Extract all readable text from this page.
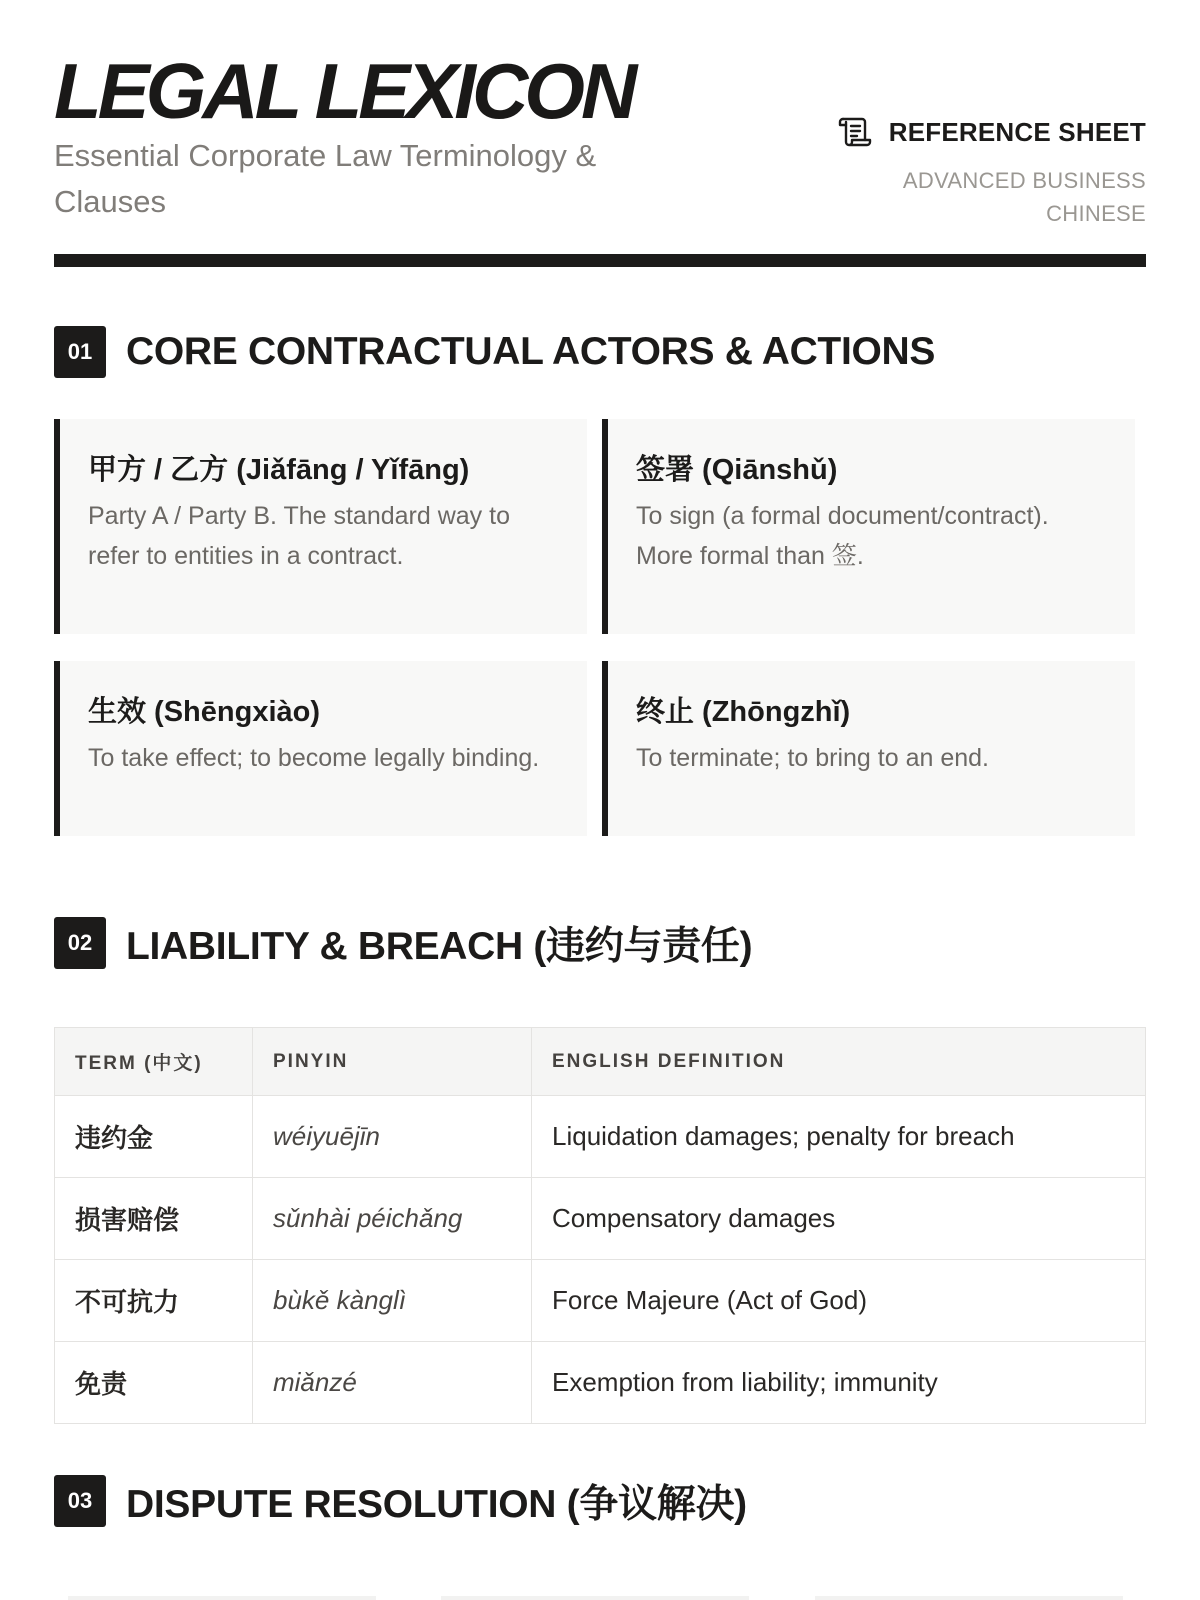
LEGAL LEXICON
Essential Corporate Law Terminology & Clauses
REFERENCE SHEET
ADVANCED BUSINESS CHINESE
01 CORE CONTRACTUAL ACTORS & ACTIONS
甲方 / 乙方 (Jiǎfāng / Yǐfāng)
Party A / Party B. The standard way to refer to entities in a contract.
签署 (Qiānshǔ)
To sign (a formal document/contract). More formal than 签.
生效 (Shēngxiào)
To take effect; to become legally binding.
终止 (Zhōngzhǐ)
To terminate; to bring to an end.
02 LIABILITY & BREACH (违约与责任)
TERM (中文)	PINYIN	ENGLISH DEFINITION
违约金	wéiyuējīn	Liquidation damages; penalty for breach
损害赔偿	sǔnhài péichǎng	Compensatory damages
不可抗力	bùkě kànglì	Force Majeure (Act of God)
免责	miǎnzé	Exemption from liability; immunity
03 DISPUTE RESOLUTION (争议解决)
